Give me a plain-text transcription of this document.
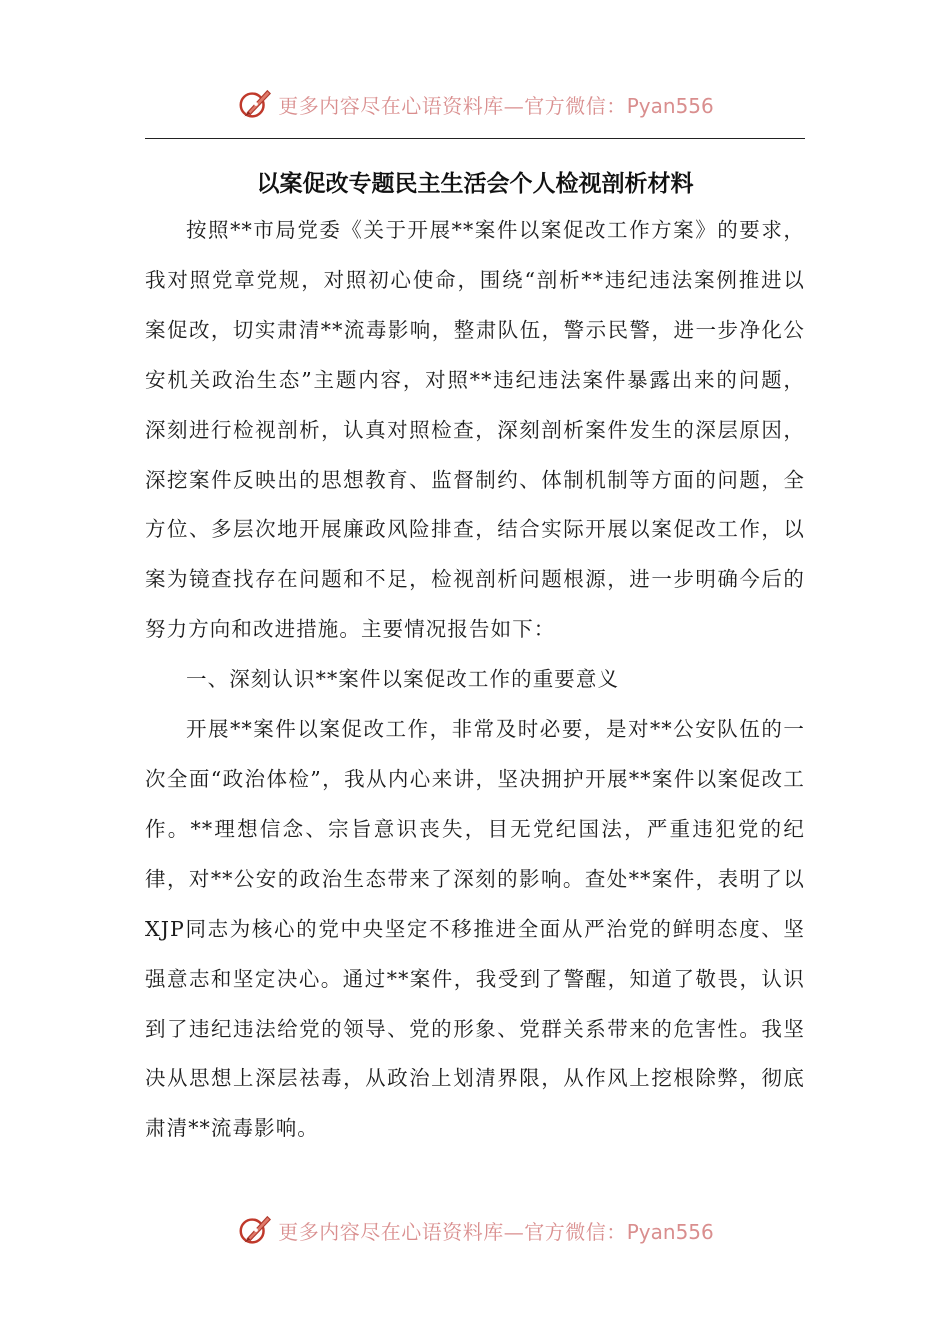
更多内容尽在心语资料库—官方微信：Pyan556
以案促改专题民主生活会个人检视剖析材料

按照**市局党委《关于开展**案件以案促改工作方案》的要求，我对照党章党规，对照初心使命，围绕“剖析**违纪违法案例推进以案促改，切实肃清**流毒影响，整肃队伍，警示民警，进一步净化公安机关政治生态”主题内容，对照**违纪违法案件暴露出来的问题，深刻进行检视剖析，认真对照检查，深刻剖析案件发生的深层原因，深挖案件反映出的思想教育、监督制约、体制机制等方面的问题，全方位、多层次地开展廉政风险排查，结合实际开展以案促改工作，以案为镜查找存在问题和不足，检视剖析问题根源，进一步明确今后的努力方向和改进措施。主要情况报告如下：

一、深刻认识**案件以案促改工作的重要意义

开展**案件以案促改工作，非常及时必要，是对**公安队伍的一次全面“政治体检”，我从内心来讲，坚决拥护开展**案件以案促改工作。**理想信念、宗旨意识丧失，目无党纪国法，严重违犯党的纪律，对**公安的政治生态带来了深刻的影响。查处**案件，表明了以XJP同志为核心的党中央坚定不移推进全面从严治党的鲜明态度、坚强意志和坚定决心。通过**案件，我受到了警醒，知道了敬畏，认识到了违纪违法给党的领导、党的形象、党群关系带来的危害性。我坚决从思想上深层祛毒，从政治上划清界限，从作风上挖根除弊，彻底肃清**流毒影响。

更多内容尽在心语资料库—官方微信：Pyan556
